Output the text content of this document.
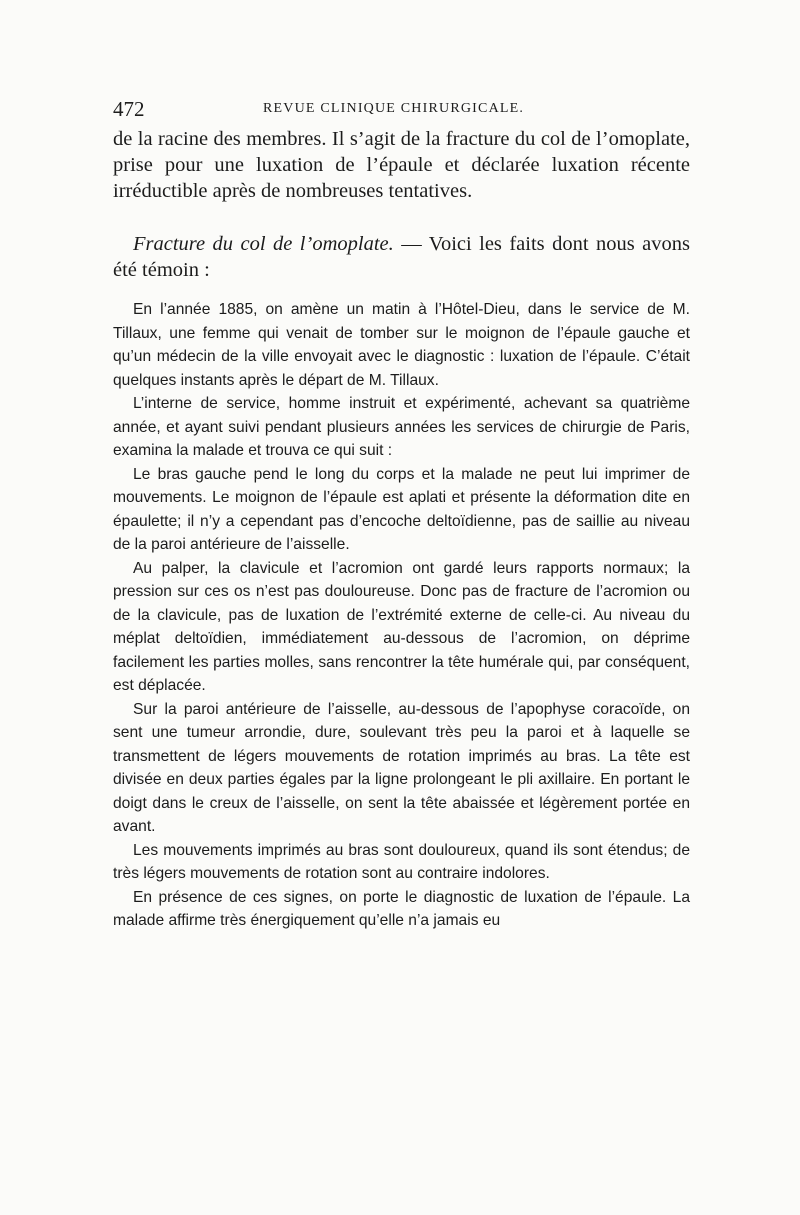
472	REVUE CLINIQUE CHIRURGICALE.

de la racine des membres. Il s’agit de la fracture du col de l’omoplate, prise pour une luxation de l’épaule et déclarée luxation récente irréductible après de nombreuses tentatives.

Fracture du col de l’omoplate. — Voici les faits dont nous avons été témoin :

En l’année 1885, on amène un matin à l’Hôtel-Dieu, dans le service de M. Tillaux, une femme qui venait de tomber sur le moignon de l’épaule gauche et qu’un médecin de la ville envoyait avec le diagnostic : luxation de l’épaule. C’était quelques instants après le départ de M. Tillaux.

L’interne de service, homme instruit et expérimenté, achevant sa quatrième année, et ayant suivi pendant plusieurs années les services de chirurgie de Paris, examina la malade et trouva ce qui suit :

Le bras gauche pend le long du corps et la malade ne peut lui imprimer de mouvements. Le moignon de l’épaule est aplati et présente la déformation dite en épaulette; il n’y a cependant pas d’encoche deltoïdienne, pas de saillie au niveau de la paroi antérieure de l’aisselle.

Au palper, la clavicule et l’acromion ont gardé leurs rapports normaux; la pression sur ces os n’est pas douloureuse. Donc pas de fracture de l’acromion ou de la clavicule, pas de luxation de l’extrémité externe de celle-ci. Au niveau du méplat deltoïdien, immédiatement au-dessous de l’acromion, on déprime facilement les parties molles, sans rencontrer la tête humérale qui, par conséquent, est déplacée.

Sur la paroi antérieure de l’aisselle, au-dessous de l’apophyse coracoïde, on sent une tumeur arrondie, dure, soulevant très peu la paroi et à laquelle se transmettent de légers mouvements de rotation imprimés au bras. La tête est divisée en deux parties égales par la ligne prolongeant le pli axillaire. En portant le doigt dans le creux de l’aisselle, on sent la tête abaissée et légèrement portée en avant.

Les mouvements imprimés au bras sont douloureux, quand ils sont étendus; de très légers mouvements de rotation sont au contraire indolores.

En présence de ces signes, on porte le diagnostic de luxation de l’épaule. La malade affirme très énergiquement qu’elle n’a jamais eu
